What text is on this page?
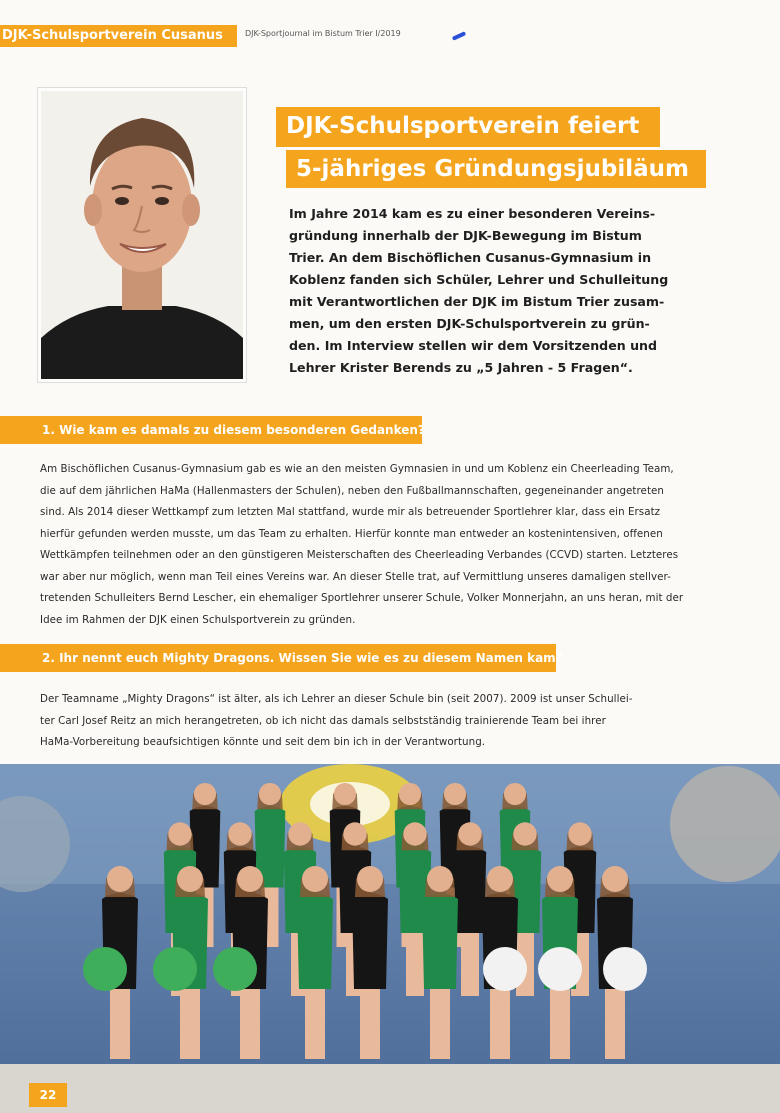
DJK-Schulsportverein Cusanus	DJK-Sportjournal im Bistum Trier I/2019
DJK-Schulsportverein feiert
5-jähriges Gründungsjubiläum
Im Jahre 2014 kam es zu einer besonderen Vereins-
gründung innerhalb der DJK-Bewegung im Bistum
Trier. An dem Bischöflichen Cusanus-Gymnasium in
Koblenz fanden sich Schüler, Lehrer und Schulleitung
mit Verantwortlichen der DJK im Bistum Trier zusam-
men, um den ersten DJK-Schulsportverein zu grün-
den. Im Interview stellen wir dem Vorsitzenden und
Lehrer Krister Berends zu „5 Jahren - 5 Fragen“.
1. Wie kam es damals zu diesem besonderen Gedanken?
Am Bischöflichen Cusanus-Gymnasium gab es wie an den meisten Gymnasien in und um Koblenz ein Cheerleading Team,
die auf dem jährlichen HaMa (Hallenmasters der Schulen), neben den Fußballmannschaften, gegeneinander angetreten
sind. Als 2014 dieser Wettkampf zum letzten Mal stattfand, wurde mir als betreuender Sportlehrer klar, dass ein Ersatz
hierfür gefunden werden musste, um das Team zu erhalten. Hierfür konnte man entweder an kostenintensiven, offenen
Wettkämpfen teilnehmen oder an den günstigeren Meisterschaften des Cheerleading Verbandes (CCVD) starten. Letzteres
war aber nur möglich, wenn man Teil eines Vereins war. An dieser Stelle trat, auf Vermittlung unseres damaligen stellver-
tretenden Schulleiters Bernd Lescher, ein ehemaliger Sportlehrer unserer Schule, Volker Monnerjahn, an uns heran, mit der
Idee im Rahmen der DJK einen Schulsportverein zu gründen.
2. Ihr nennt euch Mighty Dragons. Wissen Sie wie es zu diesem Namen kam?
Der Teamname „Mighty Dragons“ ist älter, als ich Lehrer an dieser Schule bin (seit 2007). 2009 ist unser Schullei-
ter Carl Josef Reitz an mich herangetreten, ob ich nicht das damals selbstständig trainierende Team bei ihrer
HaMa-Vorbereitung beaufsichtigen könnte und seit dem bin ich in der Verantwortung.
22
